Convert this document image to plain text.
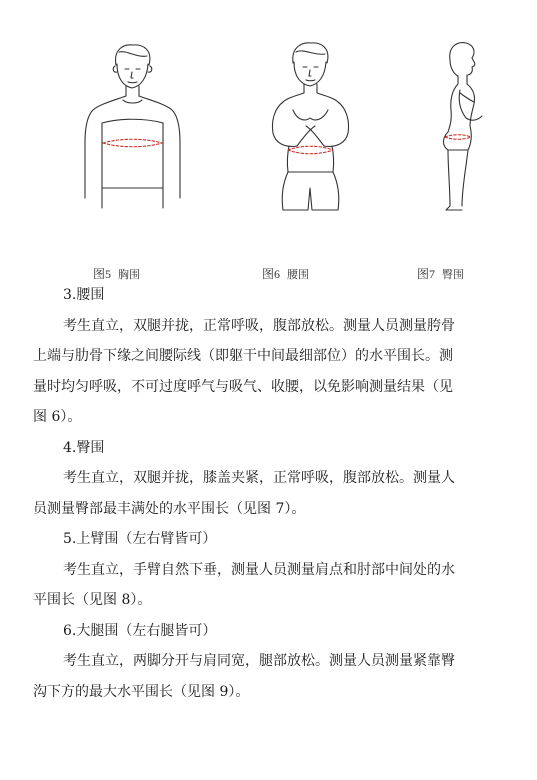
图5 胸围	图6 腰围	图7 臀围

3.腰围

考生直立，双腿并拢，正常呼吸，腹部放松。测量人员测量胯骨

上端与肋骨下缘之间腰际线（即躯干中间最细部位）的水平围长。测

量时均匀呼吸，不可过度呼气与吸气、收腰，以免影响测量结果（见

图 6）。

4.臀围

考生直立，双腿并拢，膝盖夹紧，正常呼吸，腹部放松。测量人

员测量臀部最丰满处的水平围长（见图 7）。

5.上臂围（左右臂皆可）

考生直立，手臂自然下垂，测量人员测量肩点和肘部中间处的水

平围长（见图 8）。

6.大腿围（左右腿皆可）

考生直立，两脚分开与肩同宽，腿部放松。测量人员测量紧靠臀

沟下方的最大水平围长（见图 9）。
